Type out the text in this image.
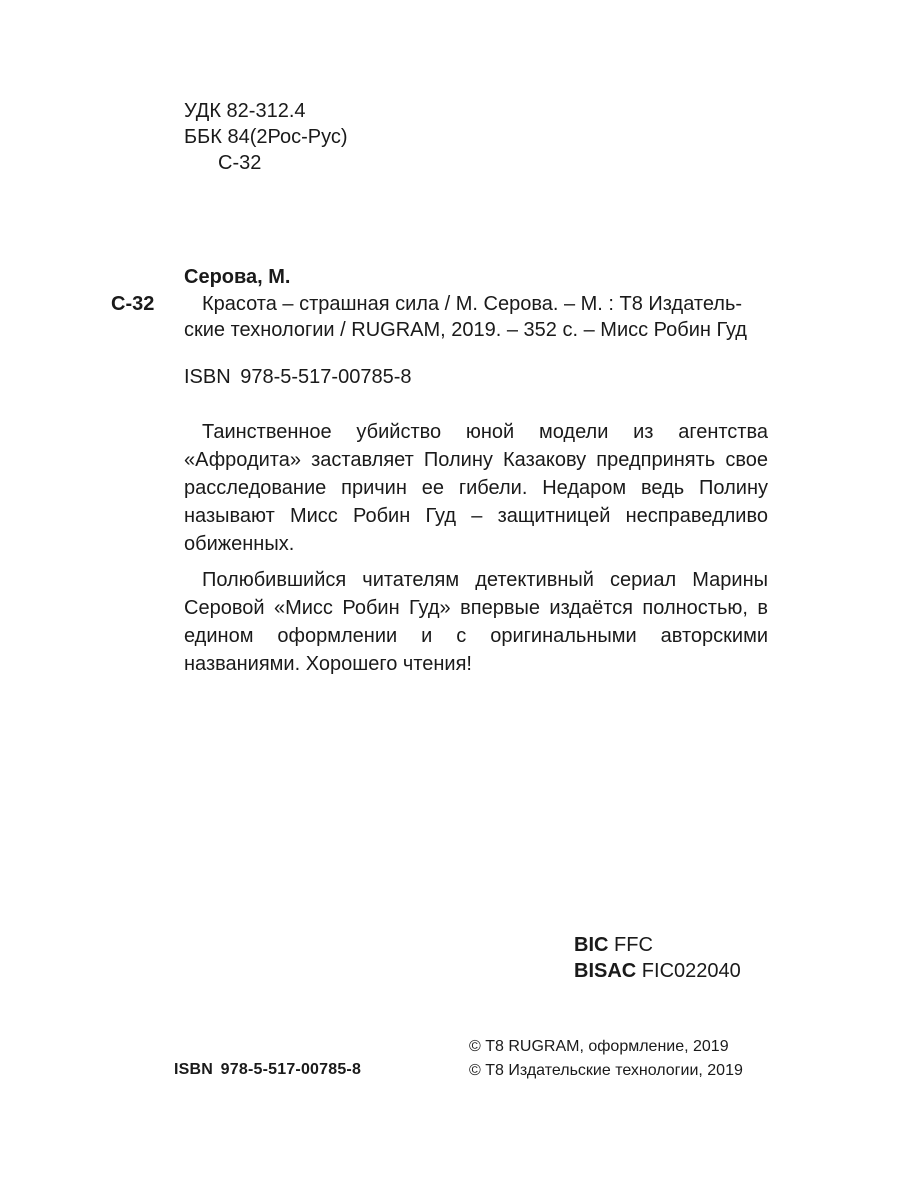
УДК 82-312.4
ББК 84(2Рос-Рус)
С-32
Серова, М.
С-32 Красота – страшная сила / М. Серова. – М. : Т8 Издатель-
ские технологии / RUGRAM, 2019. – 352 с. – Мисс Робин Гуд
ISBN 978-5-517-00785-8

Таинственное убийство юной модели из агентства «Афродита» заставляет Полину Казакову предпринять свое расследование причин ее гибели. Недаром ведь Полину называют Мисс Робин Гуд – защитницей несправедливо обиженных.

Полюбившийся читателям детективный сериал Марины Серовой «Мисс Робин Гуд» впервые издаётся полностью, в едином оформлении и с оригинальными авторскими названиями. Хорошего чтения!

BIC FFC
BISAC FIC022040
ISBN 978-5-517-00785-8
© Т8 RUGRAM, оформление, 2019
© Т8 Издательские технологии, 2019
